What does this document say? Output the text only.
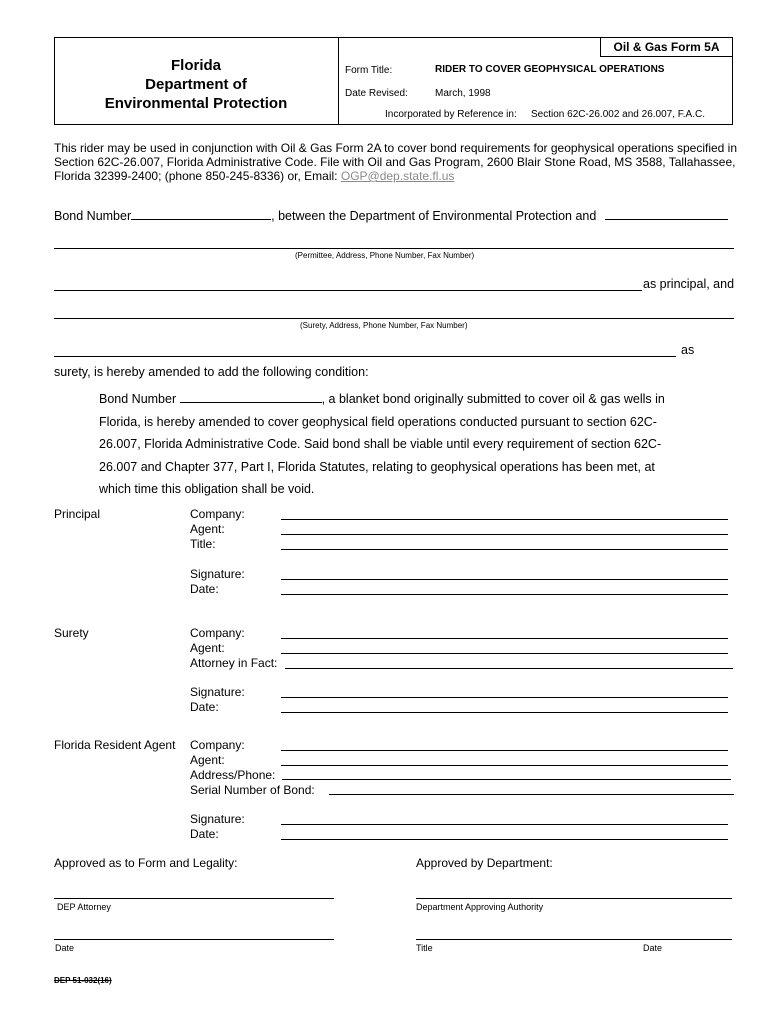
Oil & Gas Form 5A
Florida
Department of
Environmental Protection
Form Title:	RIDER TO COVER GEOPHYSICAL OPERATIONS
Date Revised:	March, 1998
Incorporated by Reference in: Section 62C-26.002 and 26.007, F.A.C.
This rider may be used in conjunction with Oil & Gas Form 2A to cover bond requirements for geophysical operations specified in
Section 62C-26.007, Florida Administrative Code. File with Oil and Gas Program, 2600 Blair Stone Road, MS 3588, Tallahassee,
Florida 32399-2400; (phone 850-245-8336) or, Email: OGP@dep.state.fl.us
Bond Number	, between the Department of Environmental Protection and
(Permittee, Address, Phone Number, Fax Number)
as principal, and
(Surety, Address, Phone Number, Fax Number)
as
surety, is hereby amended to add the following condition:
Bond Number	, a blanket bond originally submitted to cover oil & gas wells in
Florida, is hereby amended to cover geophysical field operations conducted pursuant to section 62C-
26.007, Florida Administrative Code. Said bond shall be viable until every requirement of section 62C-
26.007 and Chapter 377, Part I, Florida Statutes, relating to geophysical operations has been met, at
which time this obligation shall be void.
Principal	Company:
Agent:
Title:
Signature:
Date:
Surety	Company:
Agent:
Attorney in Fact:
Signature:
Date:
Florida Resident Agent Company:
Agent:
Address/Phone:
Serial Number of Bond:
Signature:
Date:
Approved as to Form and Legality:	Approved by Department:
DEP Attorney	Department Approving Authority
Date	Title	Date
DEP 51-032(16)
